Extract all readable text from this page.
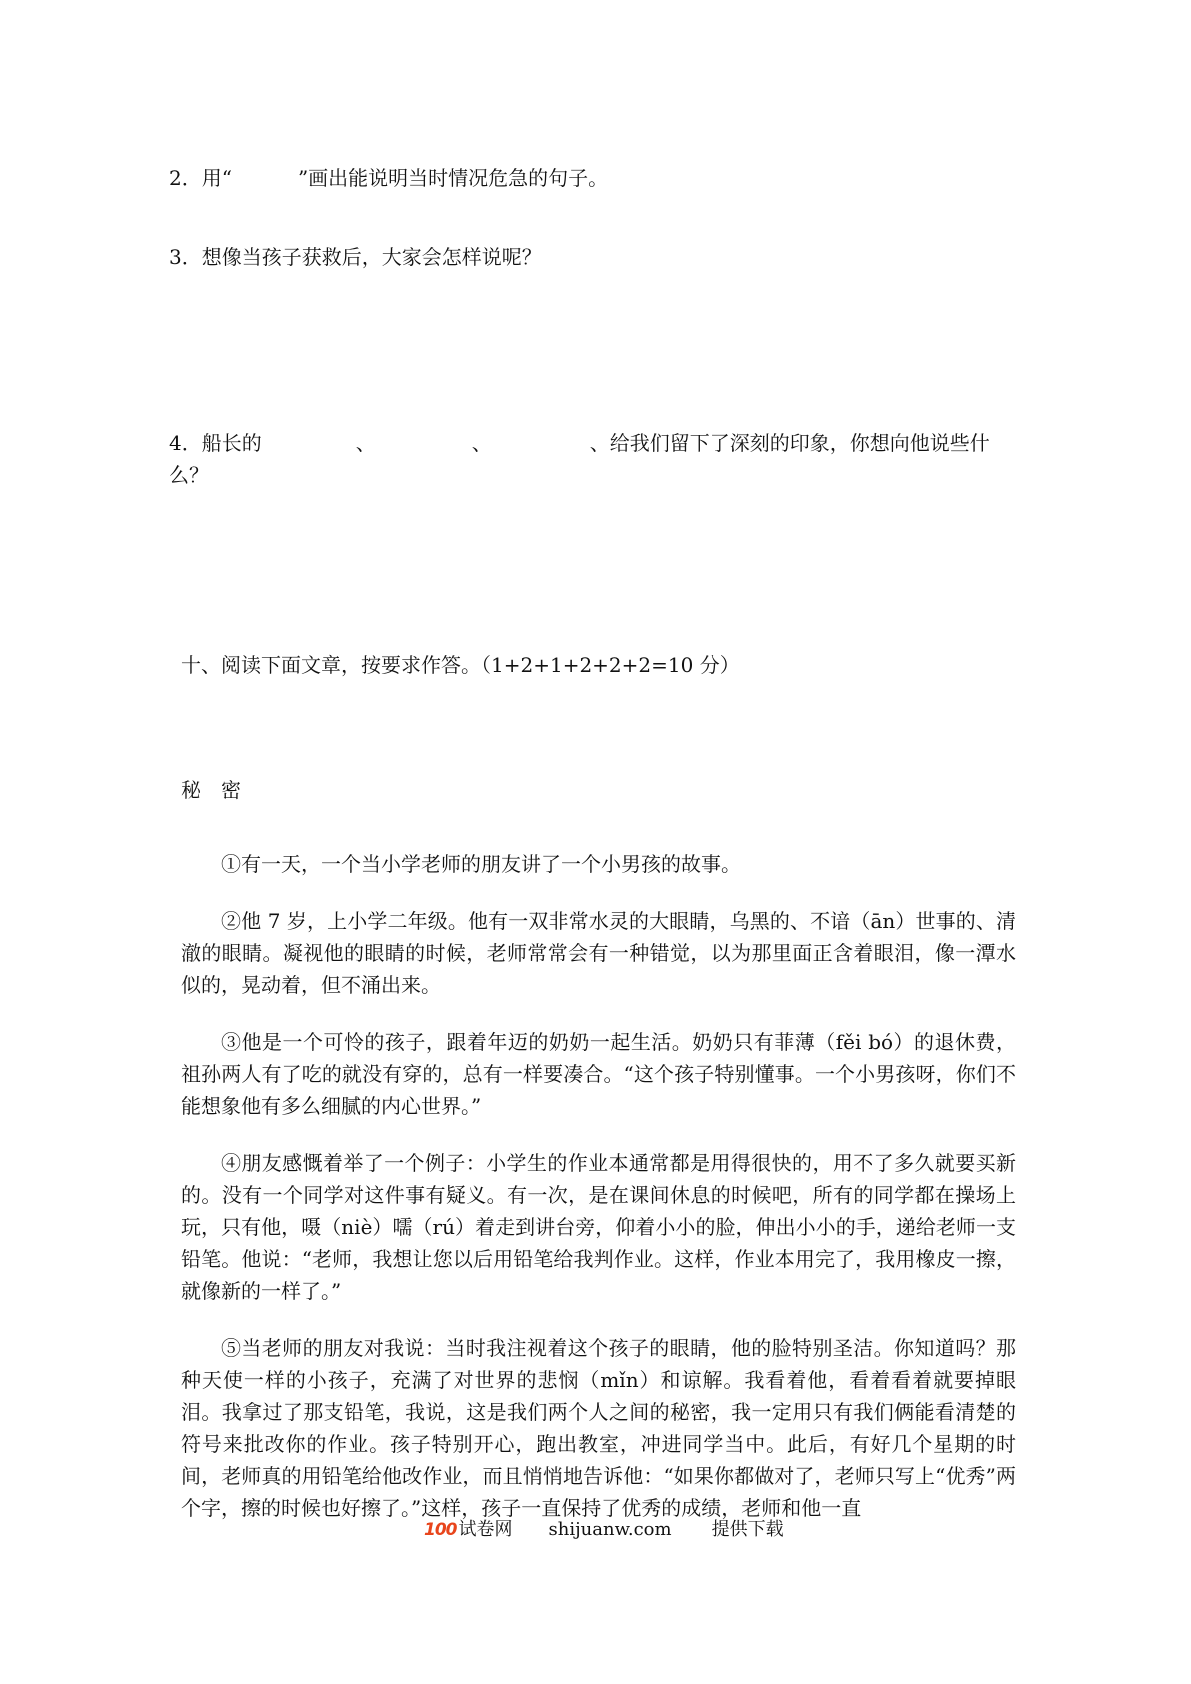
2．用“	”画出能说明当时情况危急的句子。
3．想像当孩子获救后，大家会怎样说呢？
4．船长的	、	、	、给我们留下了深刻的印象，你想向他说些什
么？
十、阅读下面文章，按要求作答。（1+2+1+2+2+2=10 分）
秘　密
①有一天，一个当小学老师的朋友讲了一个小男孩的故事。
②他 7 岁，上小学二年级。他有一双非常水灵的大眼睛，乌黑的、不谙（ān）世事的、清澈的眼睛。凝视他的眼睛的时候，老师常常会有一种错觉，以为那里面正含着眼泪，像一潭水似的，晃动着，但不涌出来。
③他是一个可怜的孩子，跟着年迈的奶奶一起生活。奶奶只有菲薄（fěi bó）的退休费，祖孙两人有了吃的就没有穿的，总有一样要凑合。“这个孩子特别懂事。一个小男孩呀，你们不能想象他有多么细腻的内心世界。”
④朋友感慨着举了一个例子：小学生的作业本通常都是用得很快的，用不了多久就要买新的。没有一个同学对这件事有疑义。有一次，是在课间休息的时候吧，所有的同学都在操场上玩，只有他，嗫（niè）嚅（rú）着走到讲台旁，仰着小小的脸，伸出小小的手，递给老师一支铅笔。他说：“老师，我想让您以后用铅笔给我判作业。这样，作业本用完了，我用橡皮一擦，就像新的一样了。”
⑤当老师的朋友对我说：当时我注视着这个孩子的眼睛，他的脸特别圣洁。你知道吗？那种天使一样的小孩子，充满了对世界的悲悯（mǐn）和谅解。我看着他，看着看着就要掉眼泪。我拿过了那支铅笔，我说，这是我们两个人之间的秘密，我一定用只有我们俩能看清楚的符号来批改你的作业。孩子特别开心，跑出教室，冲进同学当中。此后，有好几个星期的时间，老师真的用铅笔给他改作业，而且悄悄地告诉他：“如果你都做对了，老师只写上“优秀”两个字，擦的时候也好擦了。”这样，孩子一直保持了优秀的成绩，老师和他一直
100 试卷网 shijuanw.com 提供下载
